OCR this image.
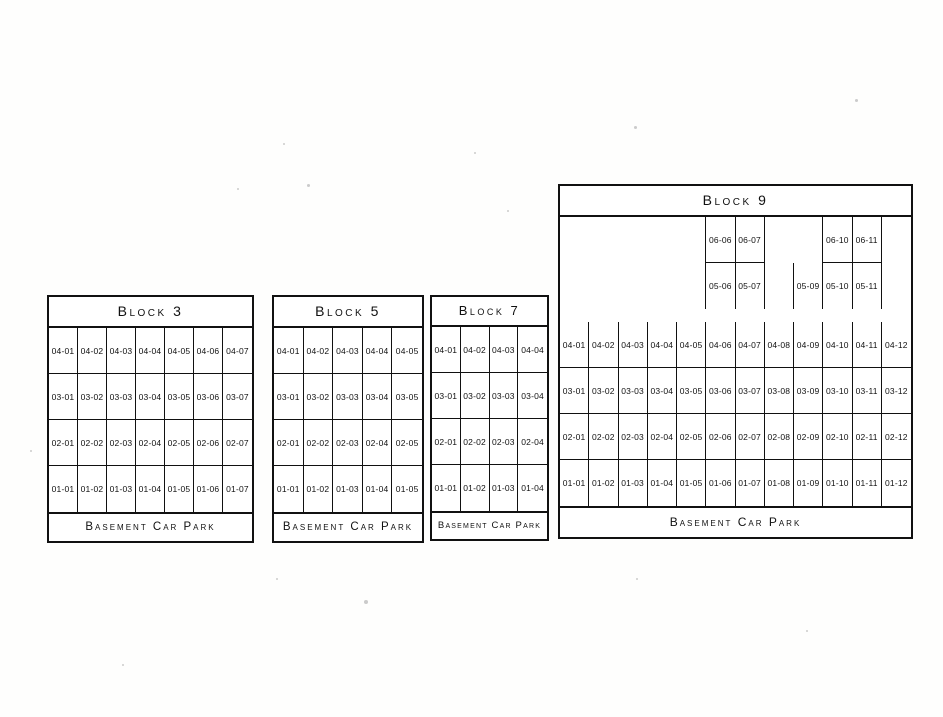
Block 3
04-01 04-02 04-03 04-04 04-05 04-06 04-07
03-01 03-02 03-03 03-04 03-05 03-06 03-07
02-01 02-02 02-03 02-04 02-05 02-06 02-07
01-01 01-02 01-03 01-04 01-05 01-06 01-07
Basement Car Park
Block 5
04-01 04-02 04-03 04-04 04-05
03-01 03-02 03-03 03-04 03-05
02-01 02-02 02-03 02-04 02-05
01-01 01-02 01-03 01-04 01-05
Basement Car Park
Block 7
04-01 04-02 04-03 04-04
03-01 03-02 03-03 03-04
02-01 02-02 02-03 02-04
01-01 01-02 01-03 01-04
Basement Car Park
Block 9
06-06 06-07	06-10 06-11
05-06 05-07	05-09 05-10 05-11
04-01 04-02 04-03 04-04 04-05 04-06 04-07 04-08 04-09 04-10 04-11 04-12
03-01 03-02 03-03 03-04 03-05 03-06 03-07 03-08 03-09 03-10 03-11 03-12
02-01 02-02 02-03 02-04 02-05 02-06 02-07 02-08 02-09 02-10 02-11 02-12
01-01 01-02 01-03 01-04 01-05 01-06 01-07 01-08 01-09 01-10 01-11 01-12
Basement Car Park
